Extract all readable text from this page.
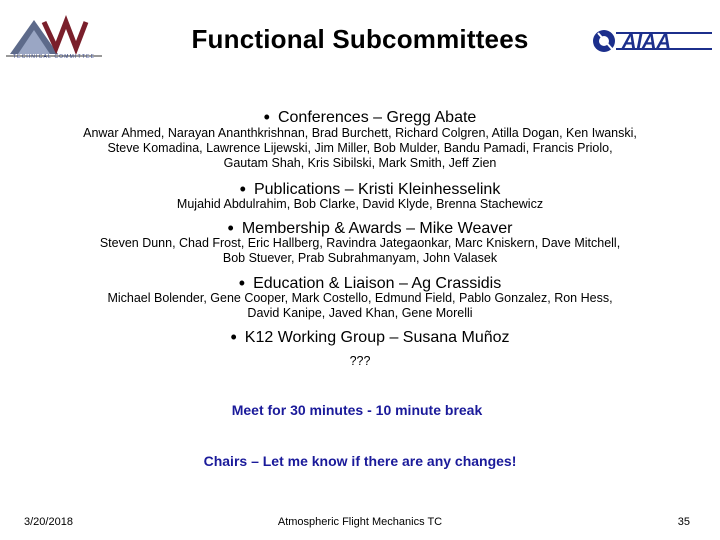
TECHNICAL COMMITTEE
AIAA
Functional Subcommittees
• Conferences – Gregg Abate
Anwar Ahmed, Narayan Ananthkrishnan, Brad Burchett, Richard Colgren, Atilla Dogan, Ken Iwanski,
Steve Komadina, Lawrence Lijewski, Jim Miller, Bob Mulder, Bandu Pamadi, Francis Priolo,
Gautam Shah, Kris Sibilski, Mark Smith, Jeff Zien
• Publications – Kristi Kleinhesselink
Mujahid Abdulrahim, Bob Clarke, David Klyde, Brenna Stachewicz
• Membership & Awards – Mike Weaver
Steven Dunn, Chad Frost, Eric Hallberg, Ravindra Jategaonkar, Marc Kniskern, Dave Mitchell,
Bob Stuever, Prab Subrahmanyam, John Valasek
• Education & Liaison – Ag Crassidis
Michael Bolender, Gene Cooper, Mark Costello, Edmund Field, Pablo Gonzalez, Ron Hess,
David Kanipe, Javed Khan, Gene Morelli
• K12 Working Group – Susana Muñoz
???
Meet for 30 minutes - 10 minute break
Chairs – Let me know if there are any changes!
3/20/2018	Atmospheric Flight Mechanics TC	35
